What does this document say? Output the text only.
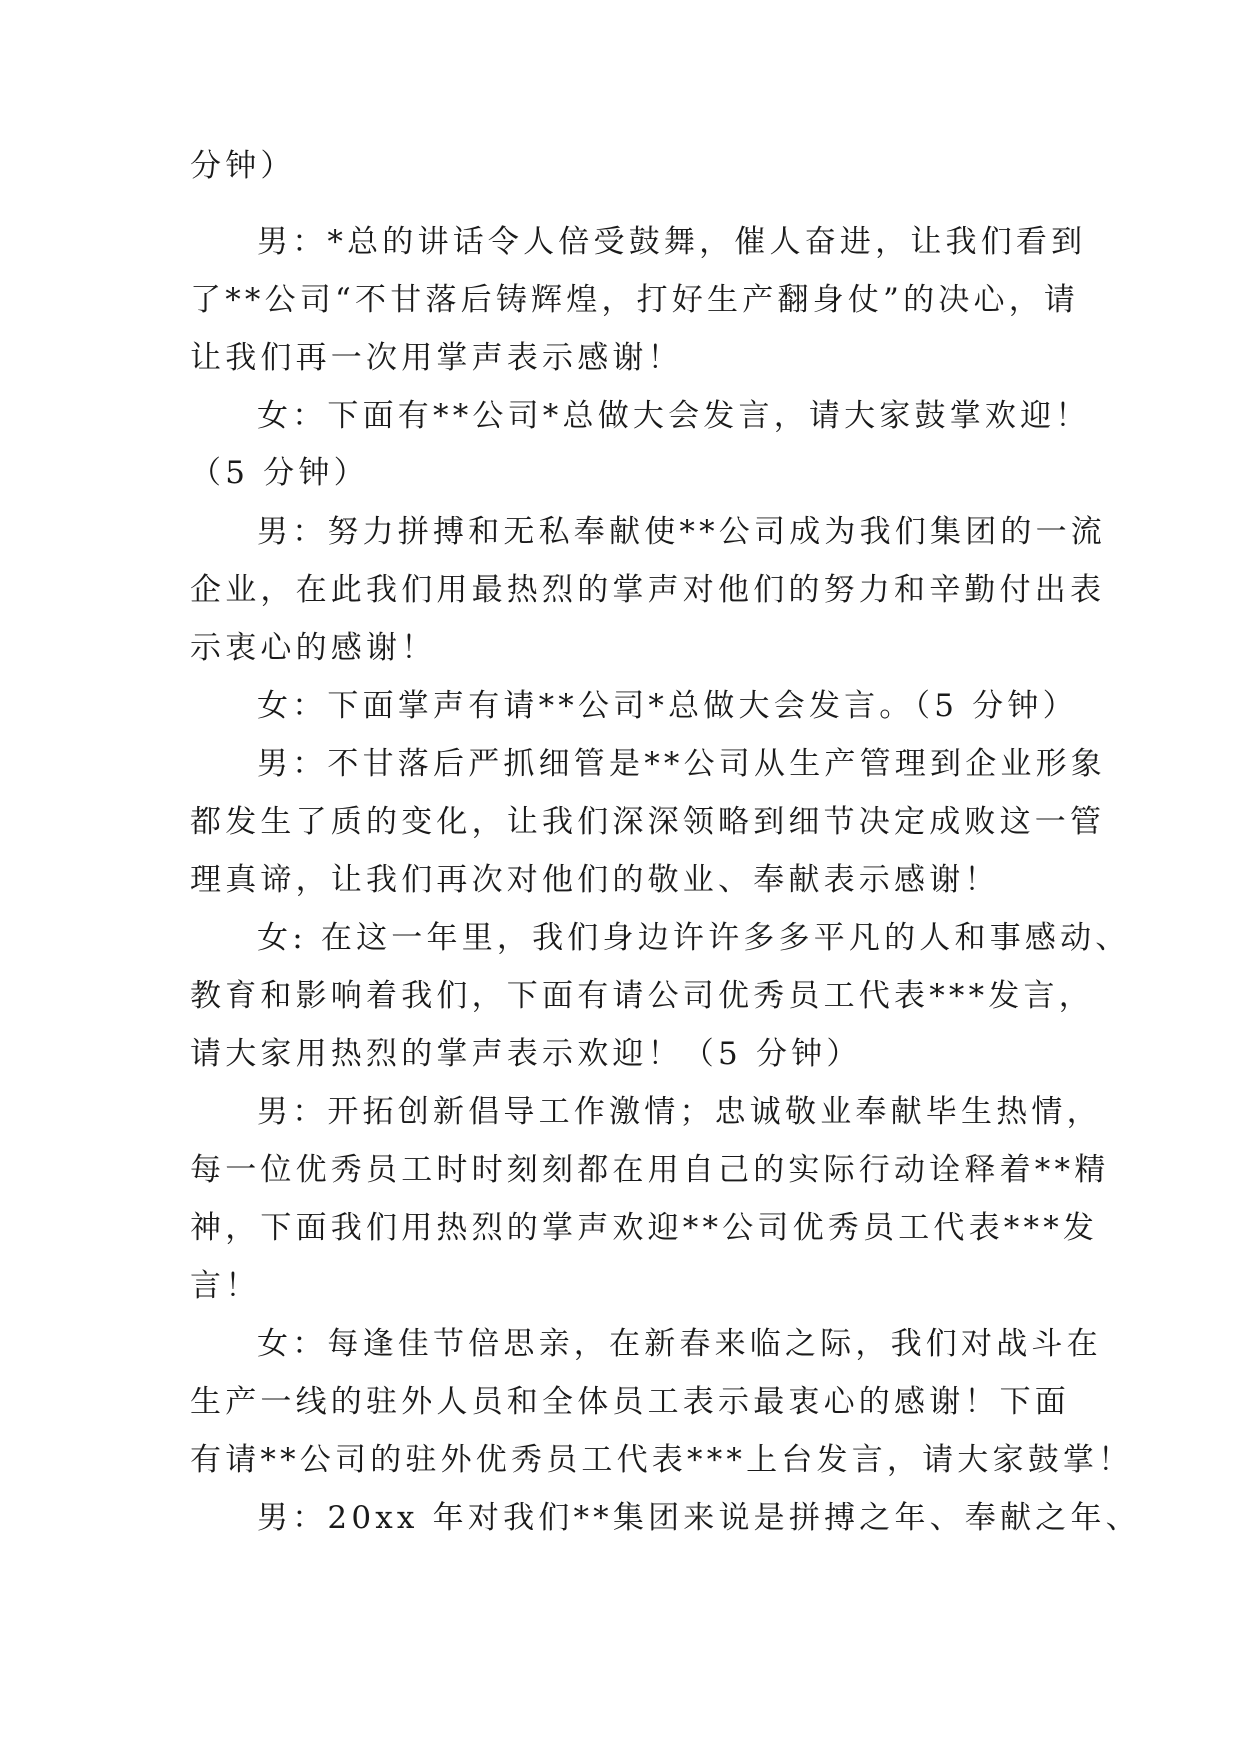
分钟）
男：*总的讲话令人倍受鼓舞，催人奋进，让我们看到
了**公司“不甘落后铸辉煌，打好生产翻身仗”的决心，请
让我们再一次用掌声表示感谢！
女：下面有**公司*总做大会发言，请大家鼓掌欢迎！
（5 分钟）
男：努力拼搏和无私奉献使**公司成为我们集团的一流
企业，在此我们用最热烈的掌声对他们的努力和辛勤付出表
示衷心的感谢！
女：下面掌声有请**公司*总做大会发言。（5 分钟）
男：不甘落后严抓细管是**公司从生产管理到企业形象
都发生了质的变化，让我们深深领略到细节决定成败这一管
理真谛，让我们再次对他们的敬业、奉献表示感谢！
女: 在这一年里，我们身边许许多多平凡的人和事感动、
教育和影响着我们，下面有请公司优秀员工代表***发言，
请大家用热烈的掌声表示欢迎！（5 分钟）
男：开拓创新倡导工作激情；忠诚敬业奉献毕生热情，
每一位优秀员工时时刻刻都在用自己的实际行动诠释着**精
神，下面我们用热烈的掌声欢迎**公司优秀员工代表***发
言！
女：每逢佳节倍思亲，在新春来临之际，我们对战斗在
生产一线的驻外人员和全体员工表示最衷心的感谢！下面
有请**公司的驻外优秀员工代表***上台发言，请大家鼓掌！
男：20xx 年对我们**集团来说是拼搏之年、奉献之年、
